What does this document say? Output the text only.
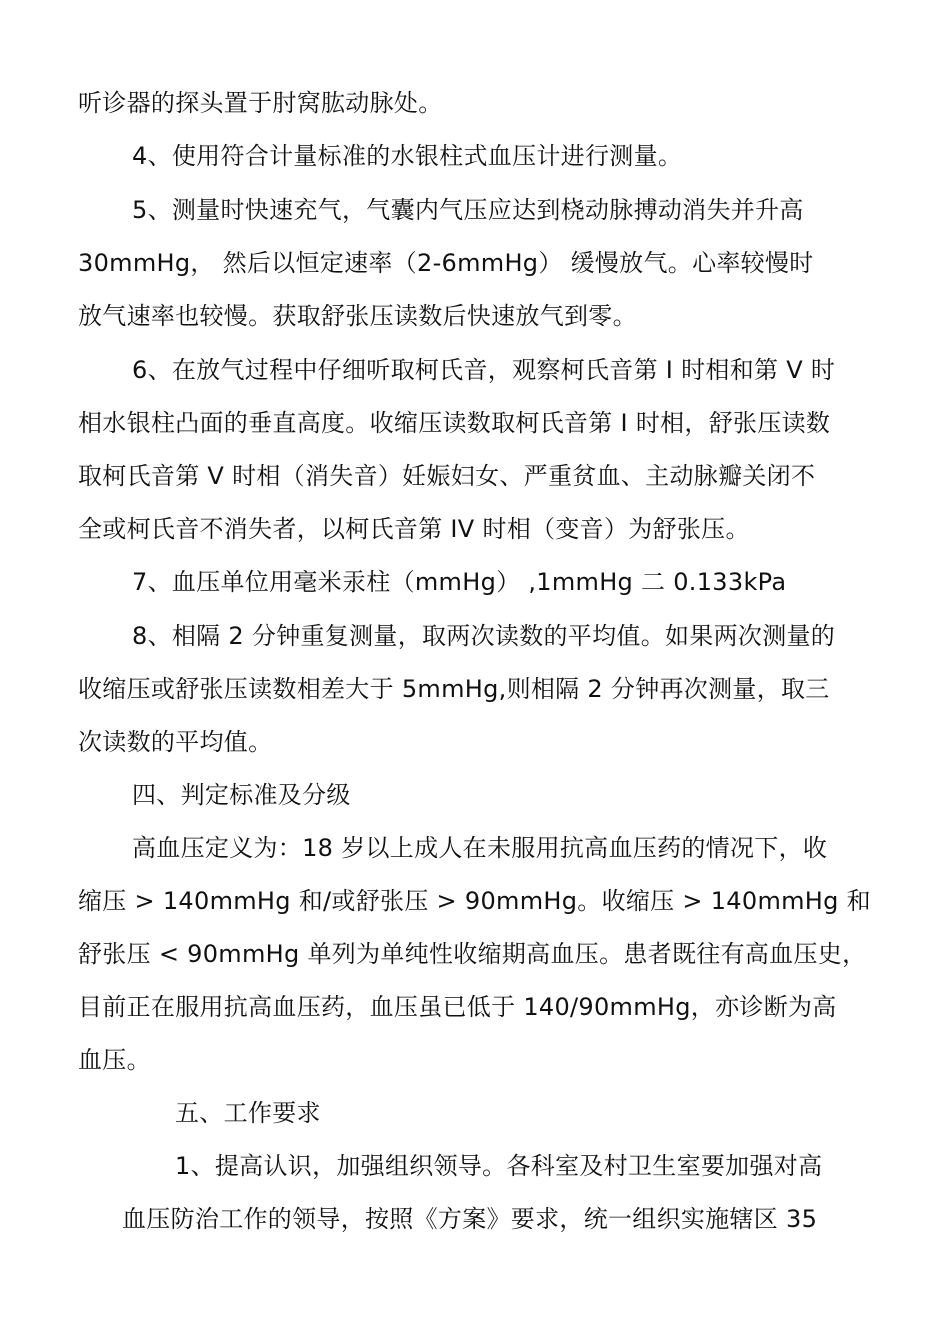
听诊器的探头置于肘窝肱动脉处。
4、使用符合计量标准的水银柱式血压计进行测量。
5、测量时快速充气，气囊内气压应达到桡动脉搏动消失并升高
30mmHg， 然后以恒定速率（2-6mmHg） 缓慢放气。心率较慢时
放气速率也较慢。获取舒张压读数后快速放气到零。
6、在放气过程中仔细听取柯氏音，观察柯氏音第 I 时相和第 V 时
相水银柱凸面的垂直高度。收缩压读数取柯氏音第 I 时相，舒张压读数
取柯氏音第 V 时相（消失音）妊娠妇女、严重贫血、主动脉瓣关闭不
全或柯氏音不消失者，以柯氏音第 IV 时相（变音）为舒张压。
7、血压单位用毫米汞柱（mmHg） ,1mmHg 二 0.133kPa
8、相隔 2 分钟重复测量，取两次读数的平均值。如果两次测量的
收缩压或舒张压读数相差大于 5mmHg,则相隔 2 分钟再次测量，取三
次读数的平均值。
四、判定标准及分级
高血压定义为：18 岁以上成人在未服用抗高血压药的情况下，收
缩压 > 140mmHg 和/或舒张压 > 90mmHg。收缩压 > 140mmHg 和
舒张压 < 90mmHg 单列为单纯性收缩期高血压。患者既往有高血压史，
目前正在服用抗高血压药，血压虽已低于 140/90mmHg，亦诊断为高
血压。
五、工作要求
1、提高认识，加强组织领导。各科室及村卫生室要加强对高
血压防治工作的领导，按照《方案》要求，统一组织实施辖区 35
